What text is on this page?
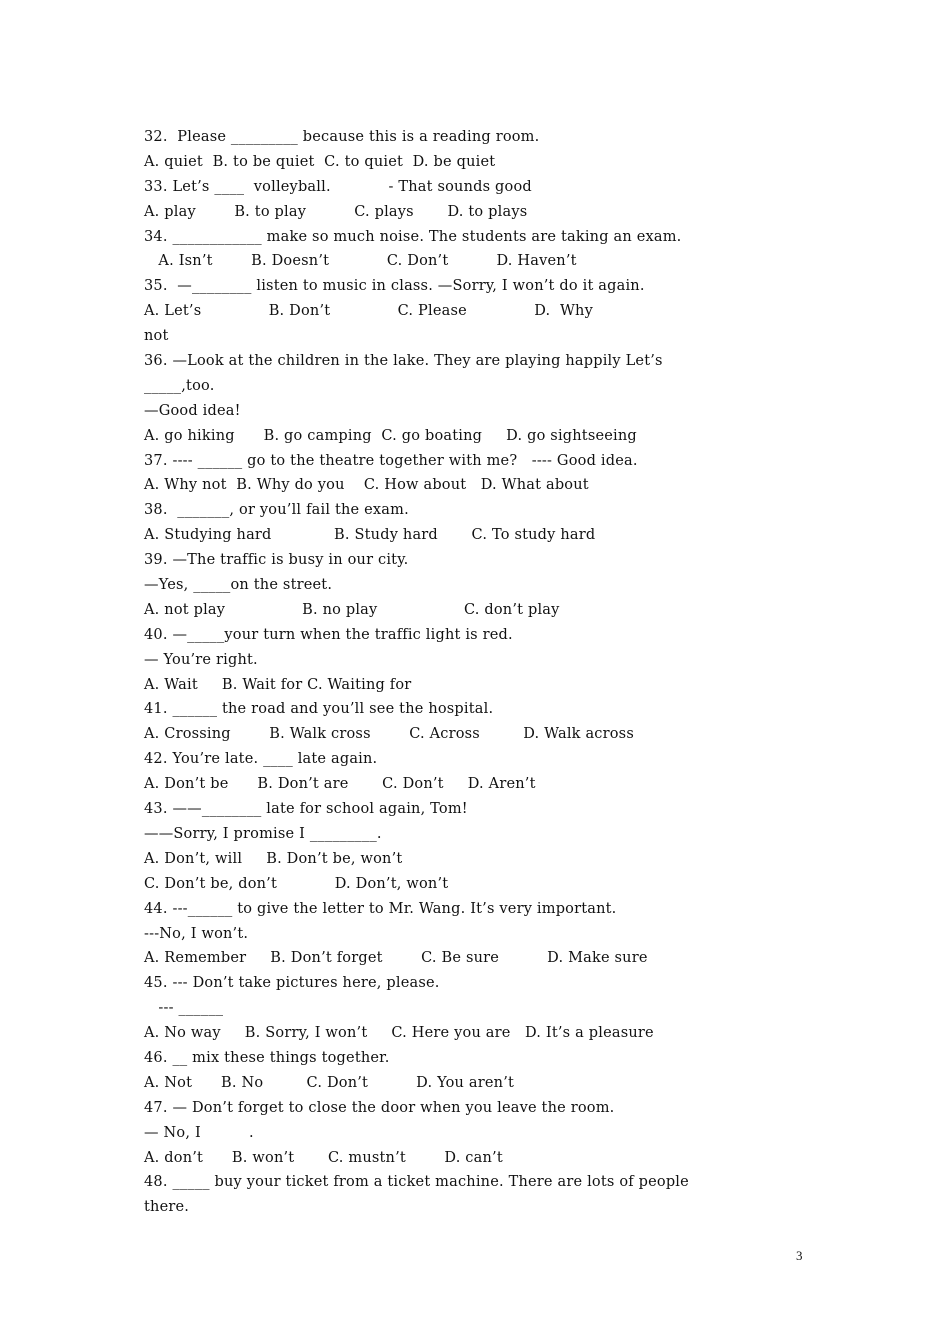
32.  Please _________ because this is a reading room.
A. quiet  B. to be quiet  C. to quiet  D. be quiet
33. Let’s ____  volleyball.            - That sounds good
A. play        B. to play          C. plays       D. to plays
34. ____________ make so much noise. The students are taking an exam.
A. Isn’t        B. Doesn’t            C. Don’t          D. Haven’t
35.  —________ listen to music in class. —Sorry, I won’t do it again.
A. Let’s              B. Don’t              C. Please              D.  Why
not
36. —Look at the children in the lake. They are playing happily Let’s
_____,too.
—Good idea!
A. go hiking      B. go camping  C. go boating     D. go sightseeing
37. ---- ______ go to the theatre together with me?   ---- Good idea.
A. Why not  B. Why do you    C. How about   D. What about
38.  _______, or you’ll fail the exam.
A. Studying hard             B. Study hard       C. To study hard
39. —The traffic is busy in our city.
—Yes, _____on the street.
A. not play                B. no play                  C. don’t play
40. —_____your turn when the traffic light is red.
— You’re right.
A. Wait     B. Wait for C. Waiting for
41. ______ the road and you’ll see the hospital.
A. Crossing        B. Walk cross        C. Across         D. Walk across
42. You’re late. ____ late again.
A. Don’t be      B. Don’t are       C. Don’t     D. Aren’t
43. ——________ late for school again, Tom!
——Sorry, I promise I _________.
A. Don’t, will     B. Don’t be, won’t
C. Don’t be, don’t            D. Don’t, won’t
44. ---______ to give the letter to Mr. Wang. It’s very important.
---No, I won’t.
A. Remember     B. Don’t forget        C. Be sure          D. Make sure
45. --- Don’t take pictures here, please.
--- ______
A. No way     B. Sorry, I won’t     C. Here you are   D. It’s a pleasure
46. __ mix these things together.
A. Not      B. No         C. Don’t          D. You aren’t
47. — Don’t forget to close the door when you leave the room.
— No, I          .
A. don’t      B. won’t       C. mustn’t        D. can’t
48. _____ buy your ticket from a ticket machine. There are lots of people
there.
3
